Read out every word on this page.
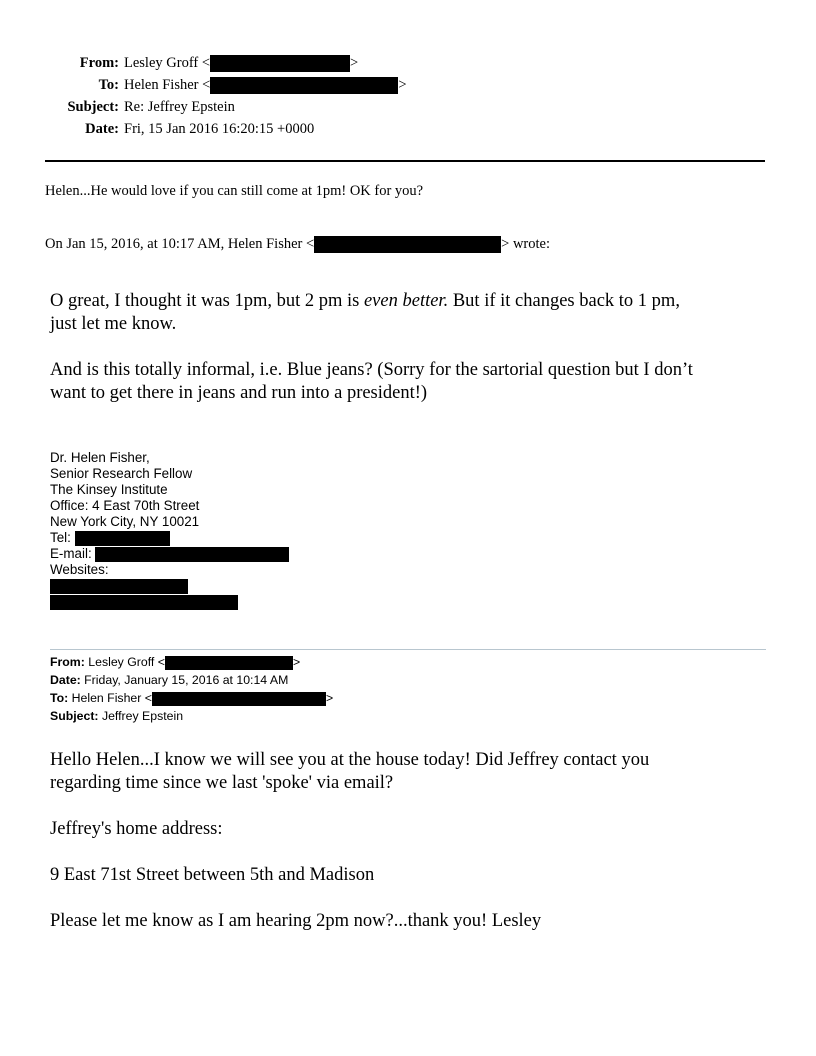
From: Lesley Groff <	>
To: Helen Fisher <	>
Subject: Re: Jeffrey Epstein
Date: Fri, 15 Jan 2016 16:20:15 +0000
Helen...He would love if you can still come at 1pm! OK for you?
On Jan 15, 2016, at 10:17 AM, Helen Fisher <	> wrote:
O great, I thought it was 1pm, but 2 pm is even better. But if it changes back to 1 pm,
just let me know.
And is this totally informal, i.e. Blue jeans? (Sorry for the sartorial question but I don’t
want to get there in jeans and run into a president!)
Dr. Helen Fisher,
Senior Research Fellow
The Kinsey Institute
Office: 4 East 70th Street
New York City, NY 10021
Tel:
E-mail:
Websites:
From: Lesley Groff <	>
Date: Friday, January 15, 2016 at 10:14 AM
To: Helen Fisher <	>
Subject: Jeffrey Epstein
Hello Helen...I know we will see you at the house today! Did Jeffrey contact you
regarding time since we last 'spoke' via email?
Jeffrey's home address:
9 East 71st Street between 5th and Madison
Please let me know as I am hearing 2pm now?...thank you! Lesley
